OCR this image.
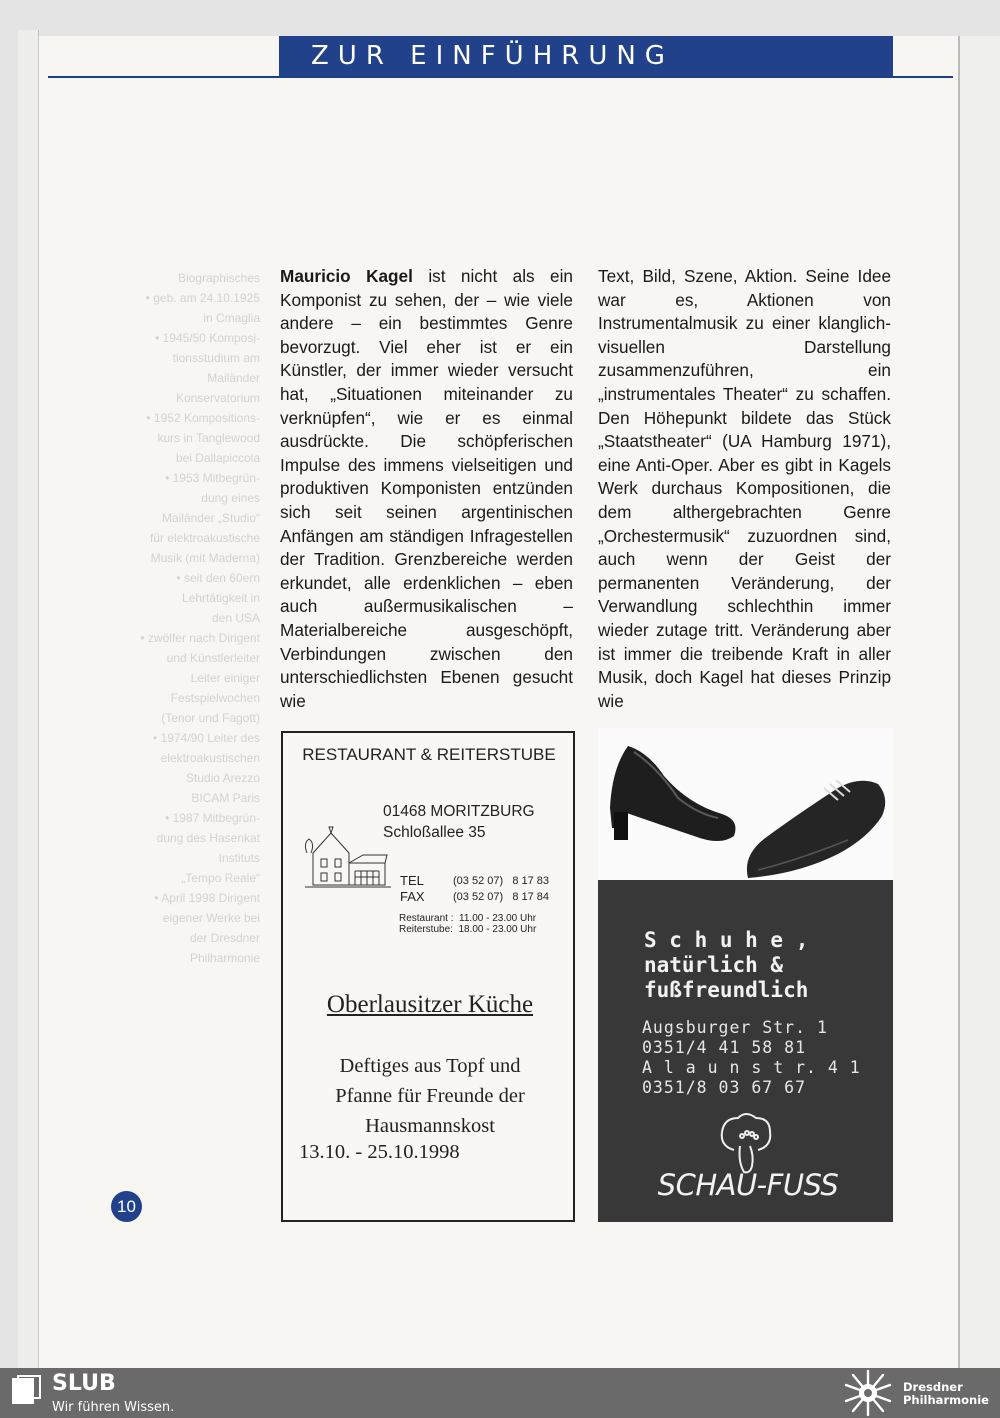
ZUR EINFÜHRUNG
Biographisches
• geb. am 24.10.1925
in Cmaglia
• 1945/50 Komposi-
tionsstudium am
Mailänder
Konservatorium
• 1952 Kompositions-
kurs in Tanglewood
bei Dallapiccola
• 1953 Mitbegrün-
dung eines
Mailänder „Studio“
für elektroakustische
Musik (mit Maderna)
• seit den 60ern
Lehrtätigkeit in
den USA
• zwölfer nach Dirigent
und Künstlerleiter
Leiter einiger
Festspielwochen
(Tenor und Fagott)
• 1974/90 Leiter des
elektroakustischen
Studio Arezzo
BICAM Paris
• 1987 Mitbegrün-
dung des Hasenkat
Instituts
„Tempo Reale“
• April 1998 Dirigent
eigener Werke bei
der Dresdner
Philharmonie

Mauricio Kagel ist nicht als ein Komponist zu sehen, der – wie viele andere – ein bestimmtes Genre bevorzugt. Viel eher ist er ein Künstler, der immer wieder versucht hat, „Situationen miteinander zu verknüpfen“, wie er es einmal ausdrückte. Die schöpferischen Impulse des immens vielseitigen und produktiven Komponisten entzünden sich seit seinen argentinischen Anfängen am ständigen Infragestellen der Tradition. Grenzbereiche werden erkundet, alle erdenklichen – eben auch außermusikalischen – Materialbereiche ausgeschöpft, Verbindungen zwischen den unterschiedlichsten Ebenen gesucht wie

Text, Bild, Szene, Aktion. Seine Idee war es, Aktionen von Instrumentalmusik zu einer klanglich-visuellen Darstellung zusammenzuführen, ein „instrumentales Theater“ zu schaffen. Den Höhepunkt bildete das Stück „Staatstheater“ (UA Hamburg 1971), eine Anti-Oper. Aber es gibt in Kagels Werk durchaus Kompositionen, die dem althergebrachten Genre „Orchestermusik“ zuzuordnen sind, auch wenn der Geist der permanenten Veränderung, der Verwandlung schlechthin immer wieder zutage tritt. Veränderung aber ist immer die treibende Kraft in aller Musik, doch Kagel hat dieses Prinzip wie

RESTAURANT & REITERSTUBE
01468 MORITZBURG
Schloßallee 35
TEL
FAX
(03 52 07)   8 17 83
(03 52 07)   8 17 84
Restaurant :  11.00 - 23.00 Uhr
Reiterstube:  18.00 - 23.00 Uhr
Oberlausitzer Küche
Deftiges aus Topf und
Pfanne für Freunde der
Hausmannskost
13.10. - 25.10.1998
S c h u h e ,
natürlich &
fußfreundlich
Augsburger Str. 1
0351/4 41 58 81
A l a u n s t r. 4 1
0351/8 03 67 67
SCHAU-FUSS
10
SLUB
Wir führen Wissen.
Dresdner
Philharmonie
